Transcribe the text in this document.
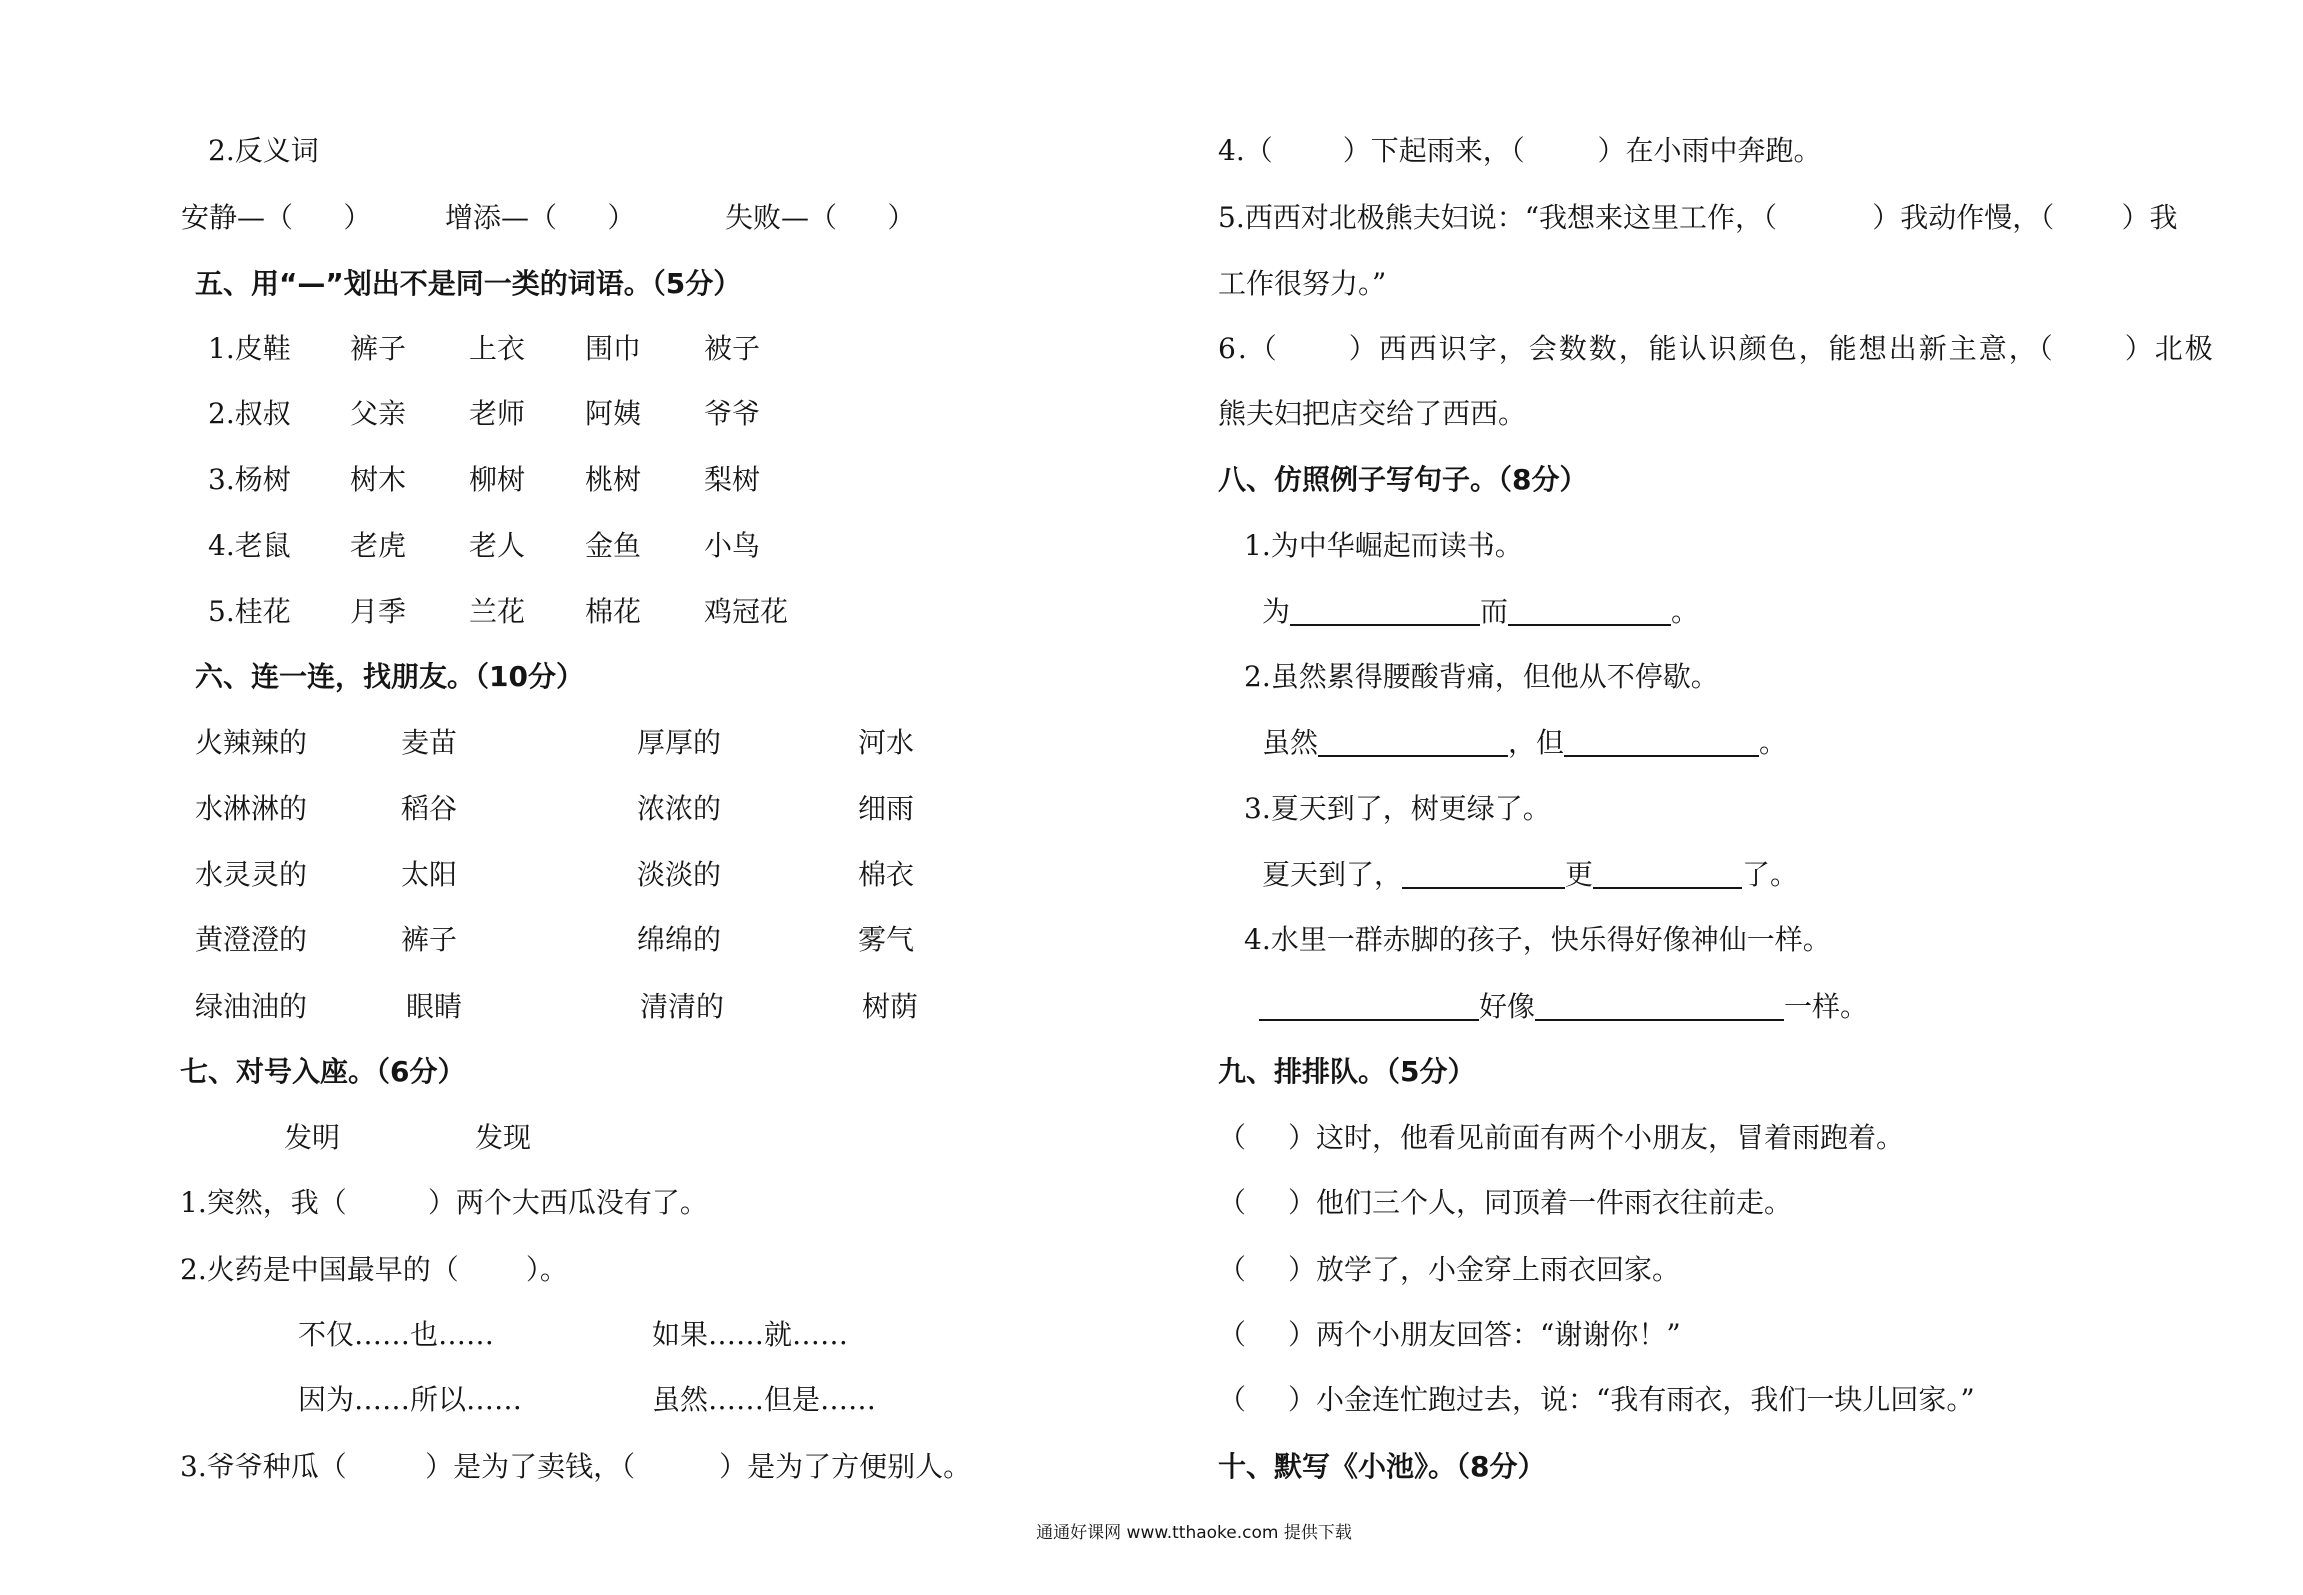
2.反义词
安静—（ ）	增添—（ ）	失败—（ ）
五、用“—”划出不是同一类的词语。（5分）
1.皮鞋 裤子 上衣 围巾 被子
2.叔叔 父亲 老师 阿姨 爷爷
3.杨树 树木 柳树 桃树 梨树
4.老鼠 老虎 老人 金鱼 小鸟
5.桂花 月季 兰花 棉花 鸡冠花
六、连一连，找朋友。（10分）
火辣辣的	麦苗	厚厚的	河水
水淋淋的	稻谷	浓浓的	细雨
水灵灵的	太阳	淡淡的	棉衣
黄澄澄的	裤子	绵绵的	雾气
绿油油的	眼睛	清清的	树荫
七、对号入座。（6分）
发明	发现
1.突然，我（	）两个大西瓜没有了。
2.火药是中国最早的（ ）。
不仅……也……	如果……就……
因为……所以……	虽然……但是……
3.爷爷种瓜（	）是为了卖钱，（	）是为了方便别人。
4.（	）下起雨来，（	）在小雨中奔跑。
5.西西对北极熊夫妇说：“我想来这里工作，（	）我动作慢，（ ）我
工作很努力。”
6.（	）西西识字，会数数，能认识颜色，能想出新主意，（	）北极
熊夫妇把店交给了西西。
八、仿照例子写句子。（8分）
1.为中华崛起而读书。
为	而	。
2.虽然累得腰酸背痛，但他从不停歇。
虽然	，但	。
3.夏天到了，树更绿了。
夏天到了，	更	了。
4.水里一群赤脚的孩子，快乐得好像神仙一样。
好像	一样。
九、排排队。（5分）
（ ）这时，他看见前面有两个小朋友，冒着雨跑着。
（ ）他们三个人，同顶着一件雨衣往前走。
（ ）放学了，小金穿上雨衣回家。
（ ）两个小朋友回答：“谢谢你！”
（ ）小金连忙跑过去，说：“我有雨衣，我们一块儿回家。”
十、默写《小池》。（8分）
通通好课网 www.tthaoke.com 提供下载
